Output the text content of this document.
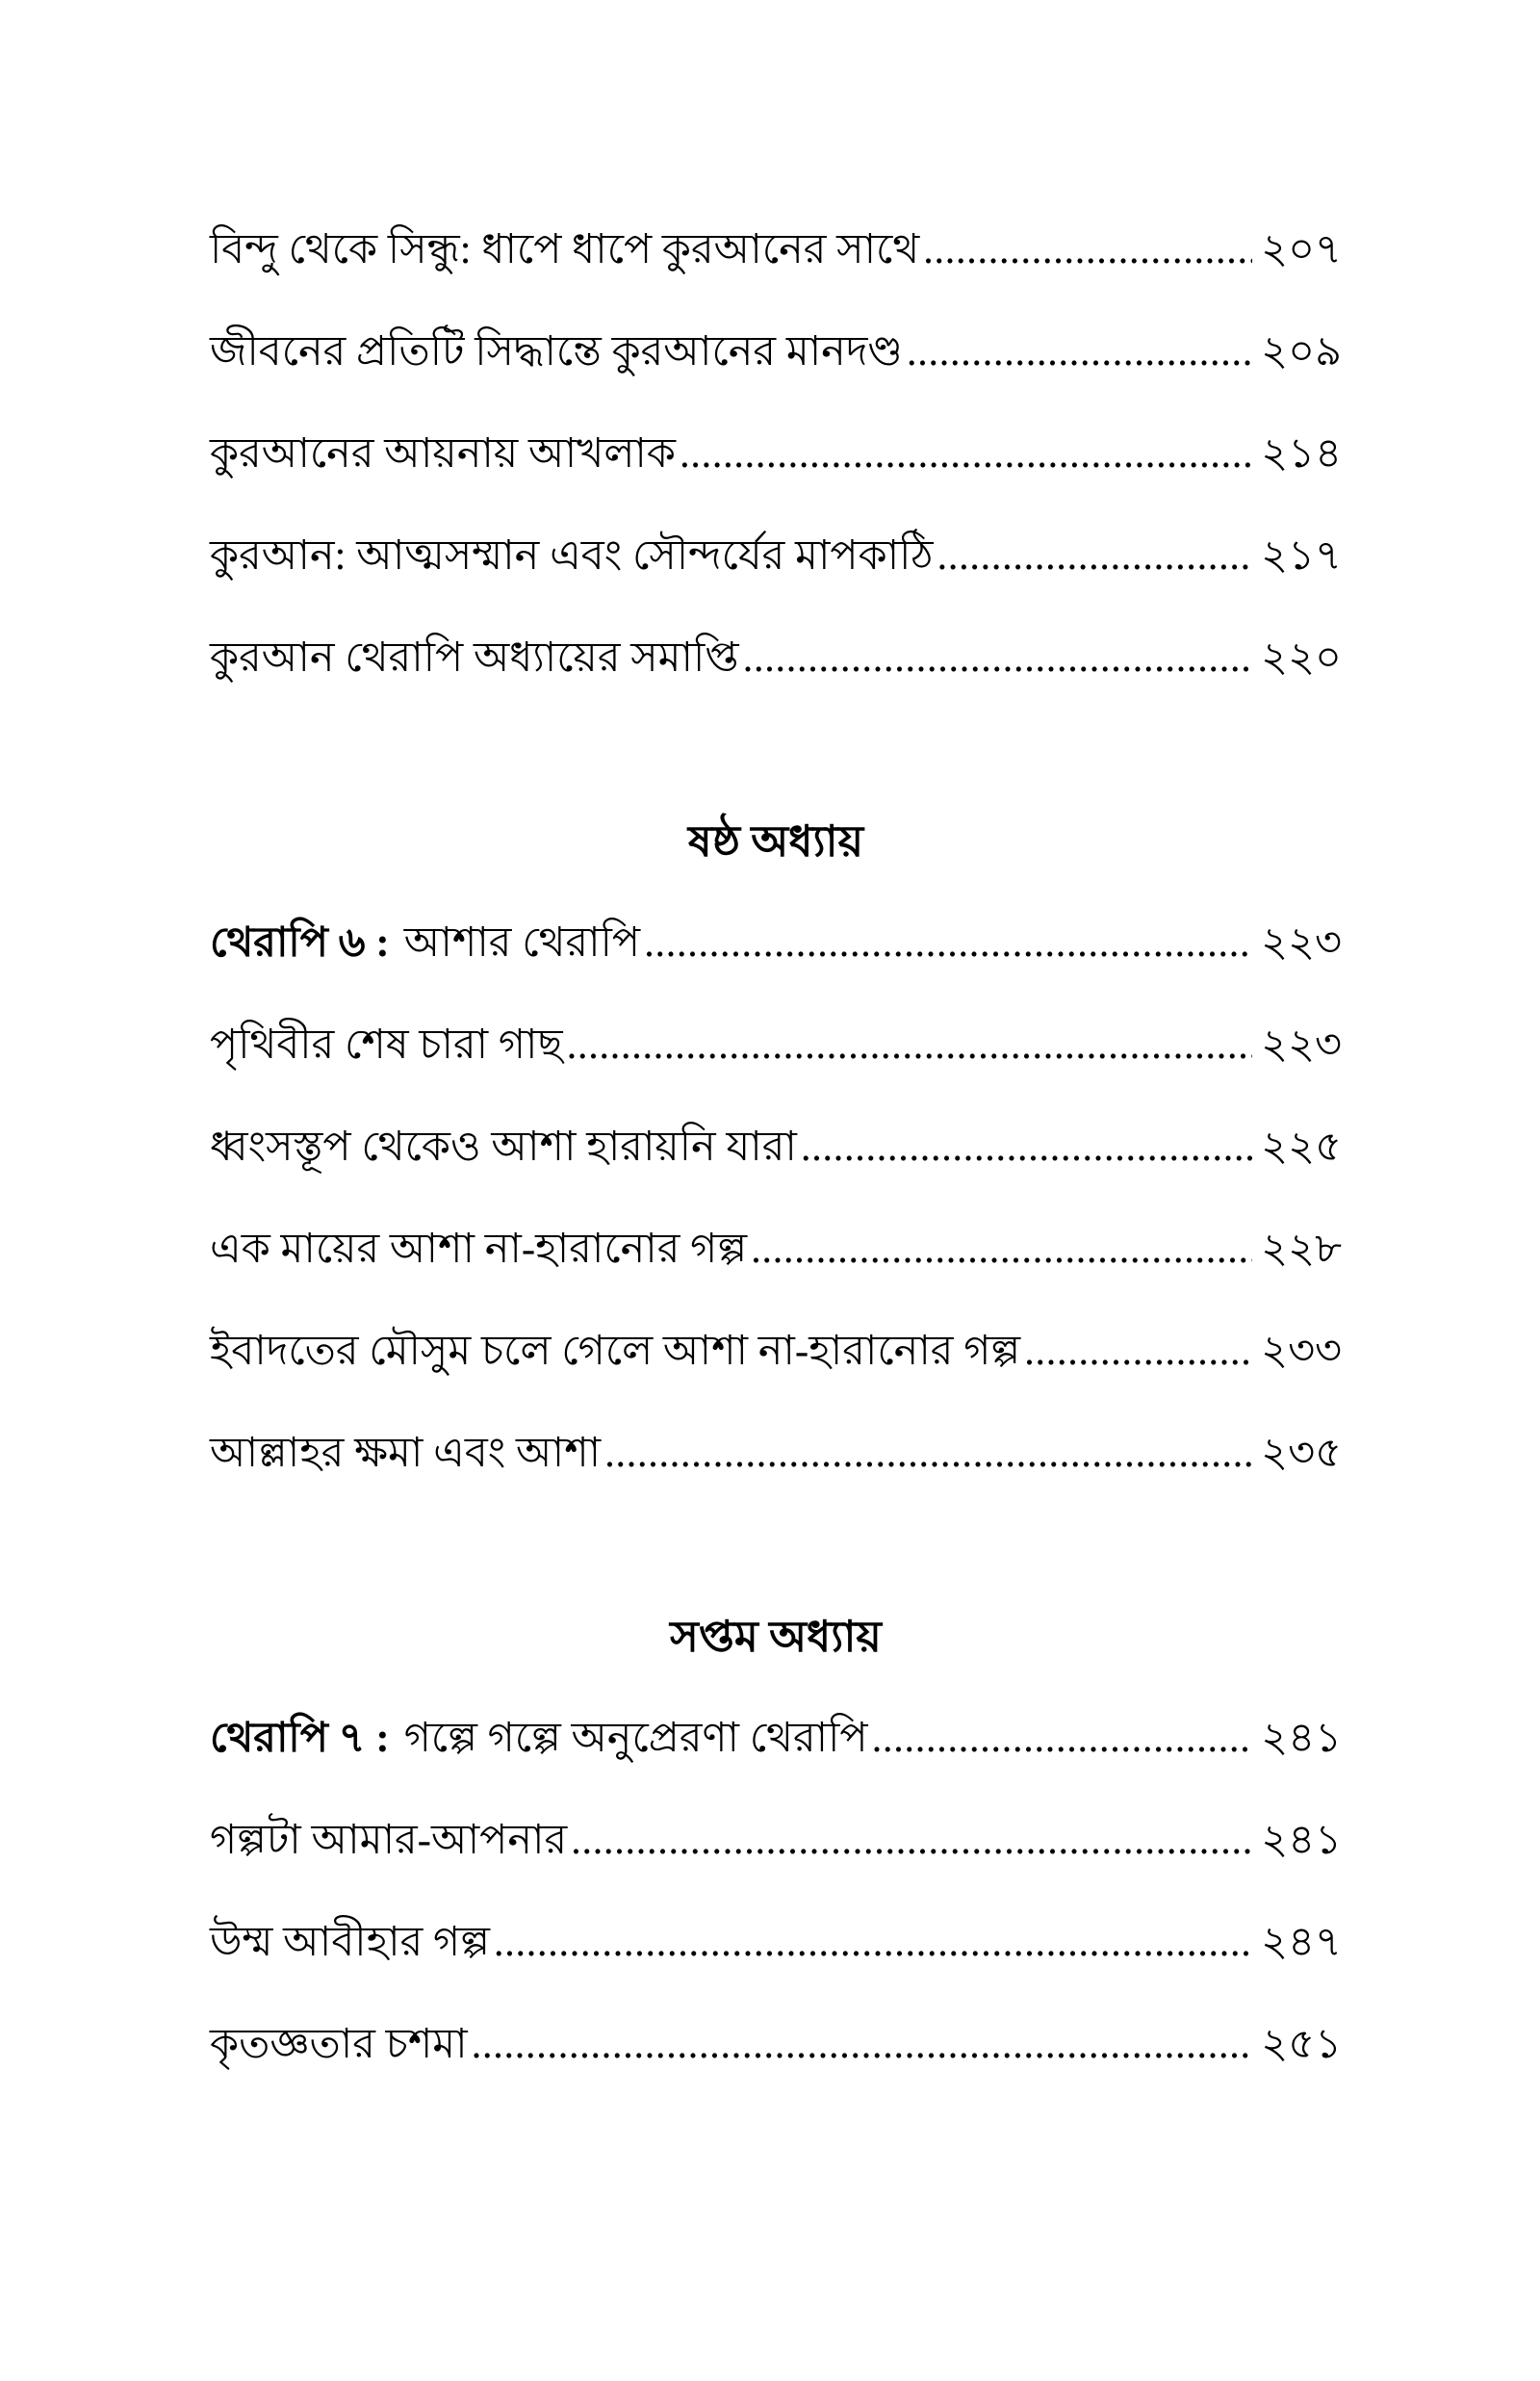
বিন্দু থেকে সিন্ধু: ধাপে ধাপে কুরআনের সাথে .....	২০৭
জীবনের প্রতিটি সিদ্ধান্তে কুরআনের মানদণ্ড .....	২০৯
কুরআনের আয়নায় আখলাক .....	২১৪
কুরআন: আত্মসম্মান এবং সৌন্দর্যের মাপকাঠি .....	২১৭
কুরআন থেরাপি অধ্যায়ের সমাপ্তি .....	২২০
ষষ্ঠ অধ্যায়
থেরাপি ৬ : আশার থেরাপি .....	২২৩
পৃথিবীর শেষ চারা গাছ .....	২২৩
ধ্বংসস্তূপ থেকেও আশা হারায়নি যারা .....	২২৫
এক মায়ের আশা না-হারানোর গল্প .....	২২৮
ইবাদতের মৌসুম চলে গেলে আশা না-হারানোর গল্প .....	২৩৩
আল্লাহর ক্ষমা এবং আশা .....	২৩৫
সপ্তম অধ্যায়
থেরাপি ৭ : গল্পে গল্পে অনুপ্রেরণা থেরাপি .....	২৪১
গল্পটা আমার-আপনার .....	২৪১
উম্ম আবীহার গল্প .....	২৪৭
কৃতজ্ঞতার চশমা .....	২৫১
